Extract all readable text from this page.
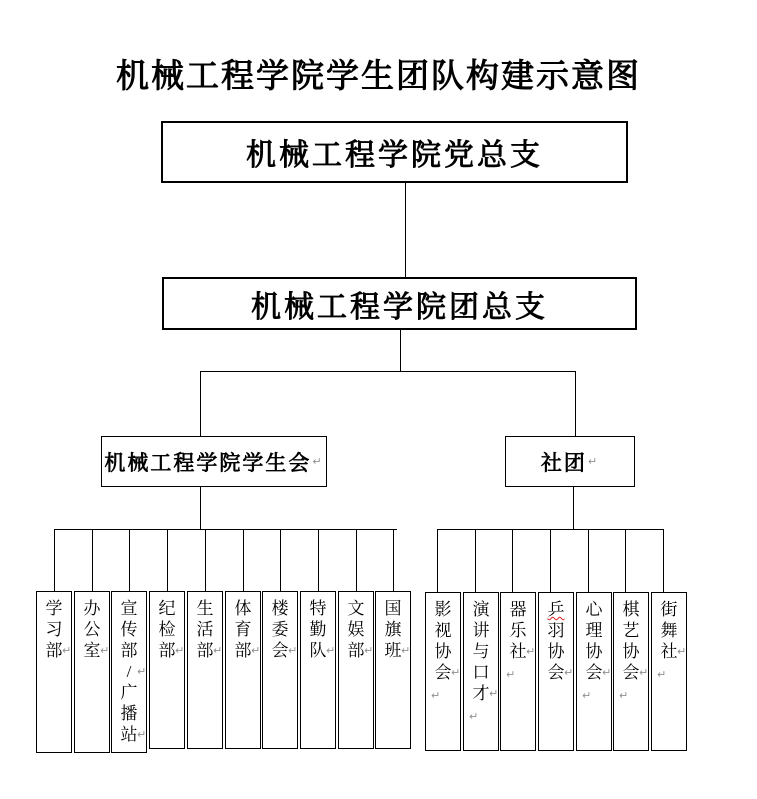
机械工程学院学生团队构建示意图
机械工程学院党总支
机械工程学院团总支
机械工程学院学生会 ↵	社团 ↵
学
习
部 ↵
办
公
室 ↵
宣
传
部
/ ↵
广
播
站 ↵
纪
检
部 ↵
生
活
部 ↵
体
育
部 ↵
楼
委
会 ↵
特
勤
队 ↵
文
娱
部 ↵
国
旗
班 ↵
影
视
协
会 ↵
↵
演
讲
与
口
才 ↵
↵
器
乐
社 ↵
↵
乒
羽
协
会 ↵
心
理
协
会 ↵
↵
棋
艺
协
会 ↵
↵
街
舞
社 ↵
↵
